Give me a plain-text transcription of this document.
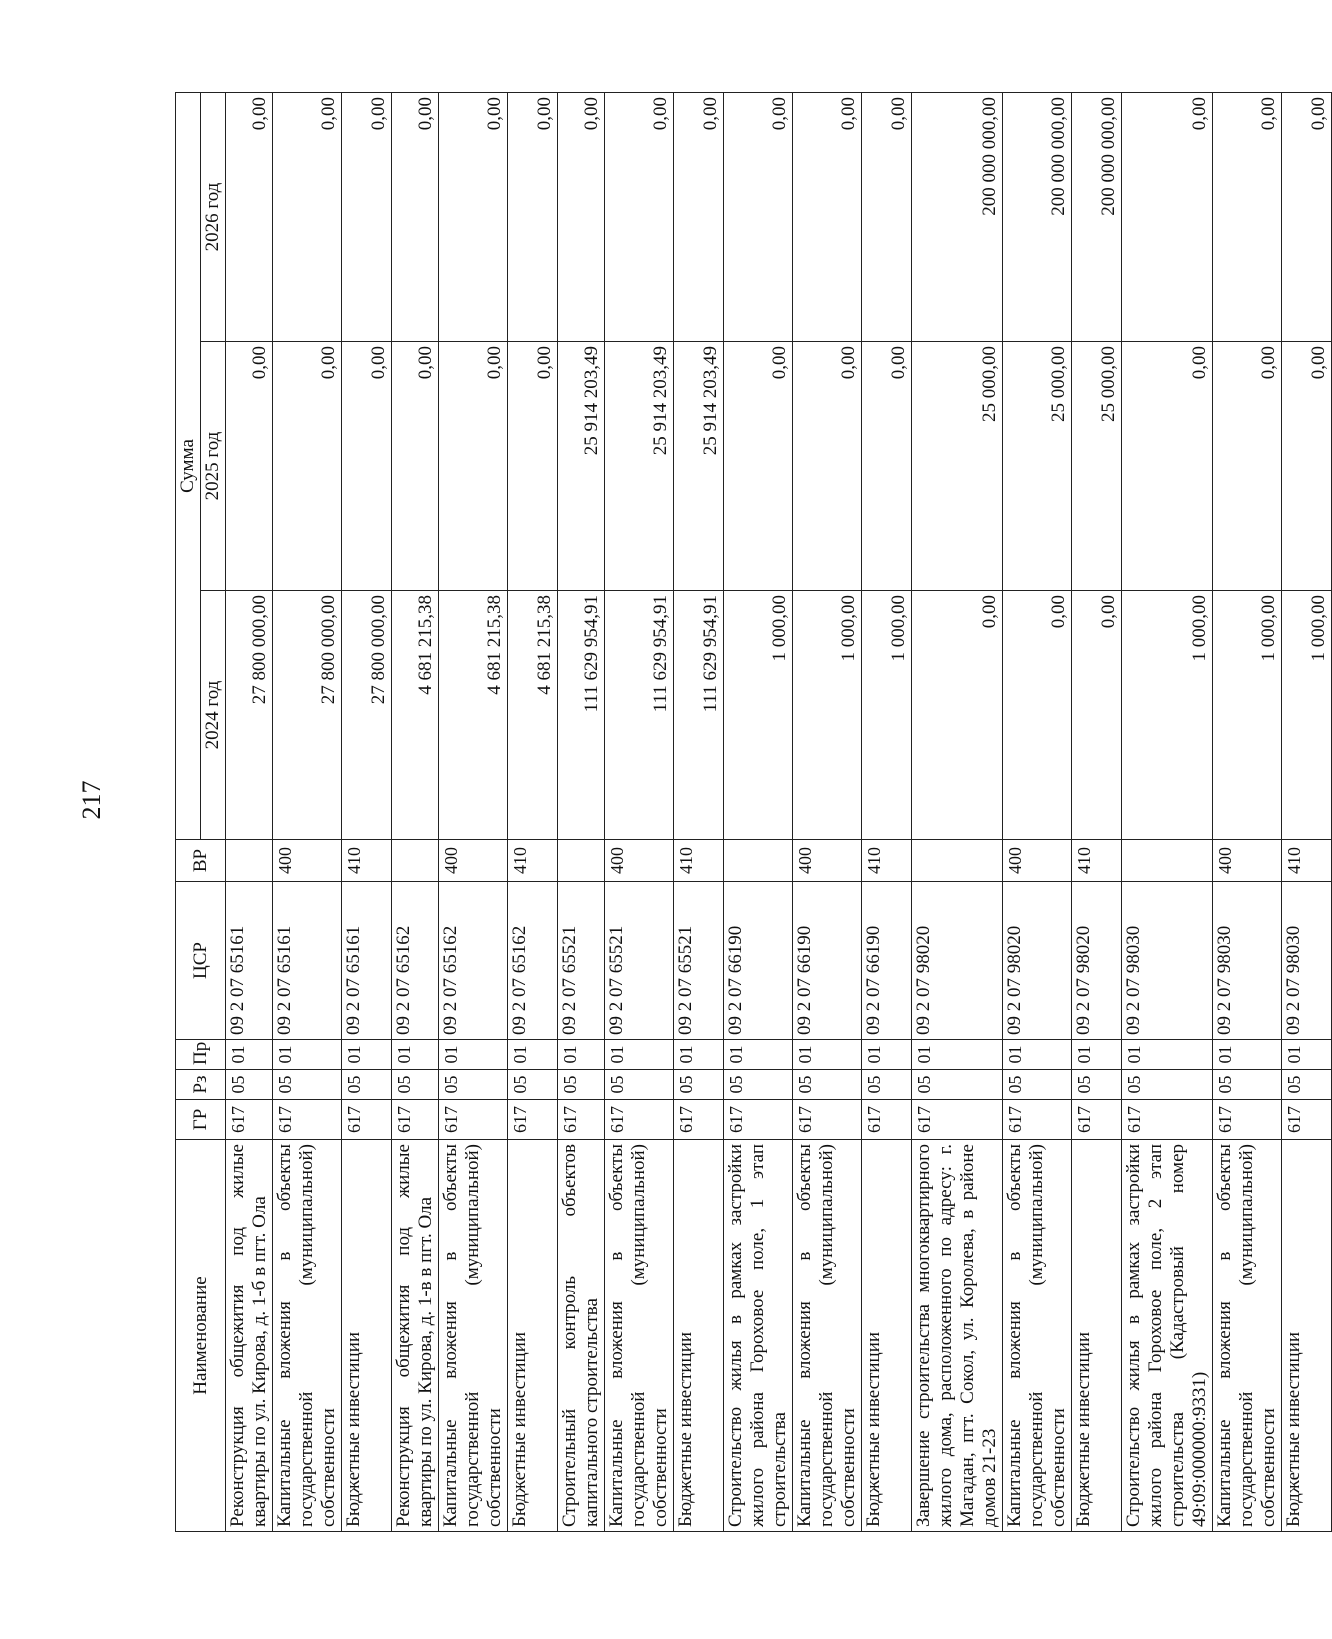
217
Наименование	ГР	Рз	Пр	ЦСР	ВР	Сумма		
						2024 год	2025 год	2026 год
Реконструкция общежития под жилые квартиры по ул. Кирова, д. 1-б в пгт. Ола	617	05	01	09 2 07 65161		27 800 000,00	0,00	0,00
Капитальные вложения в объекты государственной (муниципальной) собственности	617	05	01	09 2 07 65161	400	27 800 000,00	0,00	0,00
Бюджетные инвестиции	617	05	01	09 2 07 65161	410	27 800 000,00	0,00	0,00
Реконструкция общежития под жилые квартиры по ул. Кирова, д. 1-в в пгт. Ола	617	05	01	09 2 07 65162		4 681 215,38	0,00	0,00
Капитальные вложения в объекты государственной (муниципальной) собственности	617	05	01	09 2 07 65162	400	4 681 215,38	0,00	0,00
Бюджетные инвестиции	617	05	01	09 2 07 65162	410	4 681 215,38	0,00	0,00
Строительный контроль объектов капитального строительства	617	05	01	09 2 07 65521		111 629 954,91	25 914 203,49	0,00
Капитальные вложения в объекты государственной (муниципальной) собственности	617	05	01	09 2 07 65521	400	111 629 954,91	25 914 203,49	0,00
Бюджетные инвестиции	617	05	01	09 2 07 65521	410	111 629 954,91	25 914 203,49	0,00
Строительство жилья в рамках застройки жилого района Гороховое поле, 1 этап строительства	617	05	01	09 2 07 66190		1 000,00	0,00	0,00
Капитальные вложения в объекты государственной (муниципальной) собственности	617	05	01	09 2 07 66190	400	1 000,00	0,00	0,00
Бюджетные инвестиции	617	05	01	09 2 07 66190	410	1 000,00	0,00	0,00
Завершение строительства многоквартирного жилого дома, расположенного по адресу: г. Магадан, пгт. Сокол, ул. Королева, в районе домов 21-23	617	05	01	09 2 07 98020		0,00	25 000,00	200 000 000,00
Капитальные вложения в объекты государственной (муниципальной) собственности	617	05	01	09 2 07 98020	400	0,00	25 000,00	200 000 000,00
Бюджетные инвестиции	617	05	01	09 2 07 98020	410	0,00	25 000,00	200 000 000,00
Строительство жилья в рамках застройки жилого района Гороховое поле, 2 этап строительства (Кадастровый номер 49:09:000000:9331)	617	05	01	09 2 07 98030		1 000,00	0,00	0,00
Капитальные вложения в объекты государственной (муниципальной) собственности	617	05	01	09 2 07 98030	400	1 000,00	0,00	0,00
Бюджетные инвестиции	617	05	01	09 2 07 98030	410	1 000,00	0,00	0,00
